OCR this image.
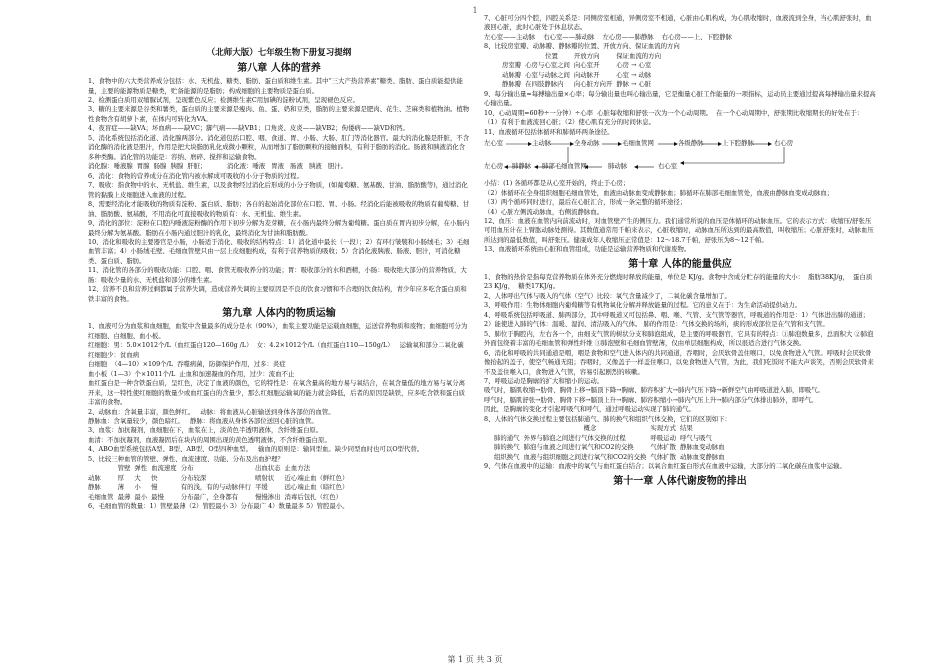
1
（北师大版）七年级生物下册复习提纲
第八章 人体的营养

1、食物中的六大类营养成分包括：水、无机盐、糖类、脂肪、蛋白质和维生素。其中“三大产热营养素”糖类、脂肪、蛋白质能提供能量，主要的能源物质是糖类，贮备能源的是脂肪；构成细胞的主要物质是蛋白质。

2、检测蛋白质用双缩脲试剂，呈现紫色反应；检测维生素C用加碘的淀粉试剂，呈现褪色反应。

3、糖的主要来源是谷类和薯类，蛋白质的主要来源是瘦肉、鱼、蛋、奶和豆类，脂肪的主要来源是肥肉、花生、芝麻类和植物油。植物性食物含有胡萝卜素，在体内可转化为VA。

4、夜盲症——缺VA；坏血病——缺VC；脚气病——缺VB1；口角炎、皮炎——缺VB2；佝偻病——缺VD和钙。

5、消化系统包括消化道、消化腺两部分。消化道包括口腔、咽、食道、胃、小肠、大肠、肛门等消化器官。最大的消化腺是肝脏，不含消化酶的消化液是胆汁，作用是把大块脂肪乳化成微小颗粒，从而增加了脂肪颗粒的接触面积，有利于脂肪的消化。肠液和胰液消化含多种类酶。消化管的功能是：容纳、磨碎、搅拌和运输食物。

消化腺：唾液腺  胃腺  肠腺  胰腺  肝脏；          消化液：唾液   胃液   肠液   胰液   胆汁。

6、消化：食物的营养成分在消化管内被水解成可吸收的小分子物质的过程。

7、吸收：指食物中的水、无机盐、维生素，以及食物经过消化后形成的小分子物质，(如葡萄糖、氨基酸、甘油、脂肪酸等)，通过消化管的黏膜上皮细胞进入血液的过程。

8、需要经消化才能吸收的物质有淀粉、蛋白质、脂肪；各自的起始消化部位在口腔、胃、小肠。经消化后能被吸收的物质有葡萄糖、甘油、脂肪酸、氨基酸，不用消化可直接吸收的物质有：水、无机盐、维生素。

9、消化的部位：淀粉在口腔内唾液淀粉酶的作用下初步分解为麦芽糖，在小肠内最终分解为葡萄糖。蛋白质在胃内初步分解，在小肠内最终分解为氨基酸。脂肪在小肠内通过胆汁的乳化，最终消化为甘油和脂肪酸。

10、消化和吸收的主要器官是小肠，小肠适于消化、吸收的结构特点：1）消化道中最长（一段）；2）有环行皱襞和小肠绒毛；3）毛细血管丰富；4）小肠绒毛壁、毛细血管壁只由一层上皮细胞构成，有利于营养物质的吸收；5）含消化液胰液、肠液、胆汁，可消化糖类、蛋白质、脂肪。

11、消化管的各部分的吸收功能：口腔、咽、食管无吸收养分的功能；胃：吸收部分的水和酒精，小肠：吸收绝大部分的营养物质，大肠：吸收少量的水、无机盐和部分的维生素。

12、营养不良和营养过剩都属于营养失调，造成营养失调的主要原因是不良的饮食习惯和不合理的饮食结构，青少年应多吃含蛋白质和铁丰富的食物。

第九章 人体内的物质运输

1、血液可分为血浆和血细胞，血浆中含量最多的成分是水（90%），血浆主要功能是运载血细胞，运送营养物质和废物；血细胞可分为红细胞、白细胞、血小板。

红细胞：男：5.0×1012个/L（血红蛋白120—160g /L）  女：4.2×1012个/L（血红蛋白110—150g/L）   运输氧和部分二氧化碳

红细胞少：贫血病

白细胞  （4—10）×109个/L  吞噬病菌，防御保护作用，过多：炎症

血小板（1—3）个×1011个/L  止血和加速凝血的作用，过少：流血不止

血红蛋白是一种含铁蛋白质，呈红色，决定了血液的颜色，它的特性是：在氧含量高的地方易与氧结合，在氧含量低的地方易与氧分离开来，这一特性使红细胞的数量少或血红蛋白的含量少，那么红细胞运输氧的能力就会降低，后者的原因是缺铁，应多吃含铁和蛋白质丰富的食物。

2、动脉血：含氧量丰富，颜色鲜红。   动脉：将血液从心脏输送到身体各部位的血管。

静脉血：含氧量较少，颜色暗红。   静脉：将血液从身体各部位送回心脏的血管。

3、血浆：加抗凝剂，血细胞在下，血浆在上，淡黄色半透明液体，含纤维蛋白原。

血清：不加抗凝剂，血液凝固后在块内的周围出现的黄色透明液体，不含纤维蛋白原。

4、ABO血型系统包括A型、B型、AB型、O型四种血型。   输血的原则是：输同型血。缺少同型血时也可以O型代替。

5、比较三种血管的管壁、弹性、血流速度、功能、分布及出血护理？

	管壁	弹性	血流速度	分布	出血状态	止血方法
动脉	厚	大	快	分布较深	喷射状	近心端止血（鲜红色）
静脉	薄	小	慢	有的浅，有的与动脉伴行	平缓	远心端止血（暗红色）
毛细血管	最薄	最小	最慢	分布最广，全身都有	慢慢渗出	消毒后包扎（红色）

6、毛细血管的数量：1）管壁最薄（2）管腔最小 3）分布最广 4）数量最多 5）管腔最小。

7、心脏可分四个腔，四腔关系是：同侧房室相通，异侧房室不相通，心脏由心肌构成，为心肌收缩时，血液流到全身，当心肌舒张时，血液回心脏，此时心脏处于休息状态。

左心室——主动脉    右心室——肺动脉    左心房——肺静脉    右心房——上、下腔静脉

8、比较房室瓣、动脉瓣、静脉瓣的位置、开放方向、保证血流的方向

	位置	开放方向	保证血流的方向
房室瓣	心房与心室之间	向心室开	心房 → 心室
动脉瓣	心室与动脉之间	向动脉开	心室 → 动脉
静脉瓣	在四肢静脉内	向心脏方向开	静脉 → 心脏

9、每分输出量=每搏输出量×心率；每分输出量也叫心输出量，它是衡量心脏工作能量的一项指标，运动员主要通过提高每搏输出量来提高心输出量。

10、心动周期=60秒÷一分钟）÷心率  心脏每收缩和舒张一次为一个心动周期。  在一个心动周期中，舒张期比收缩期长的好处在于：

（1）有利于血液流回心脏；（2）使心肌有充分的时间休息。

11、血液循环包括体循环和肺循环两条途径。

左心室	主动脉	全身动脉	毛细血管网	各级静脉	上下腔静脉	右心房
左心房 肺静脉 肺部毛细血管网	肺动脉	右心室

小结：(1) 各循环都是从心室开始的，终止于心房；

（2）体循环在全身组织细胞毛细血管处，血液由动脉血变成静脉血；肺循环在肺部毛细血管处，血液由静脉血变成动脉血；

（3）两个循环同时进行，最后在心脏汇合，形成一条完整的循环途径；

（4）心脏左侧流动脉血，右侧流静脉血。

12、血压：血液在血管内向前流动时，对血管壁产生的侧压力。我们通常所说的血压是体循环的动脉血压。它的表示方式：收缩压/舒张压可用血压计在上臂肱动脉处测得。其数值通常用千帕来表示，心脏收缩时，动脉血压所达到的最高数值，叫收缩压；心脏舒张时，动脉血压所达到的最低数值，叫舒张压。健康成年人收缩压正常值是：12～18.7千帕，舒张压为8～12千帕。

13、血液循环系统由心脏和血管组成，功能是运输营养物质和代谢废物。

第十章 人体的能量供应

1、食物的热价是指每克营养物质在体外充分燃烧时释放的能量，单位是 KJ/g。食物中含成分贮存的能量的大小：  脂肪38KJ/g，  蛋白质23 KJ/g，  糖类17KJ/g。

2、人体呼出气体与吸入的气体（空气）比较：氧气含量减少了，二氧化碳含量增加了。

3、呼吸作用：生物体细胞内葡萄糖等有机物氧化分解并释放能量的过程。它的意义在于：为生命活动提供动力。

4、呼吸系统包括呼吸道、肺两部分，其中呼吸道又可包括鼻、咽、喉、气管、支气管等器官，呼吸道的作用是：1）气体进出肺的通道；2）能使进入肺的气体：温暖、湿润、清洁吸入的气体。 肺的作用是：气体交换的场所，痰的形成部位是在气管和支气管。

5、肺位于胸腔内，左右各一个，由细支气管的树状分支和肺泡组成，是主要的呼吸器官，它具有的特点：①肺泡数量多，总面积大 ②肺泡外面包绕着丰富的毛细血管和弹性纤维 ③肺泡壁和毛细血管壁薄，仅由单层细胞构成，所以很适合进行气体交换。

6、消化和呼吸的共同通道是咽，咽是食物和空气进入体内的共同通道，吞咽时，会厌软骨盖住喉口，以免食物进入气管。呼吸时会厌软骨像抬起的盖子，使空气畅通无阻；吞咽时，又像盖子一样盖住喉口，以免食物进入气管，为此，我们吃饭时不能大声谈笑，否则会厌软骨来不及盖住喉入口，食物进入气管，容易引起剧烈的咳嗽。

7、呼吸运动是胸廓的扩大和缩小的运动。

吸气时，膈肌收缩→肋骨、胸骨上移→膈顶下降→胸廓、肺容积扩大→肺内气压下降→新鲜空气由呼吸道进入肺，即吸气。

呼气时，膈肌舒张→肋骨、胸骨下移→膈顶上升→胸廓、肺容积缩小→肺内气压上升→肺内部分气体排出肺外，即呼气。

因此，是胸廓的变化才引起呼吸气和呼气，通过呼吸运动实现了肺的通气。

8、人体的气体交换过程主要包括肺通气、肺的换气和组织气体交换，它们的区别如下：

	概念	实现方式	结果
肺的通气	外界与肺泡之间进行气体交换的过程	呼吸运动	呼气与吸气
肺的换气	肺泡与血液之间进行氧气和CO2的交换	气体扩散	静脉血变动脉血
组织换气	血液与组织细胞之间进行氧气和CO2的交换	气体扩散	动脉血变静脉血

9、气体在血液中的运输：血液中的氧气与血红蛋白结合；以氧合血红蛋白形式在血液中运输，大部分的二氧化碳在血浆中运输。

第十一章 人体代谢废物的排出
第 1 页 共 3 页
